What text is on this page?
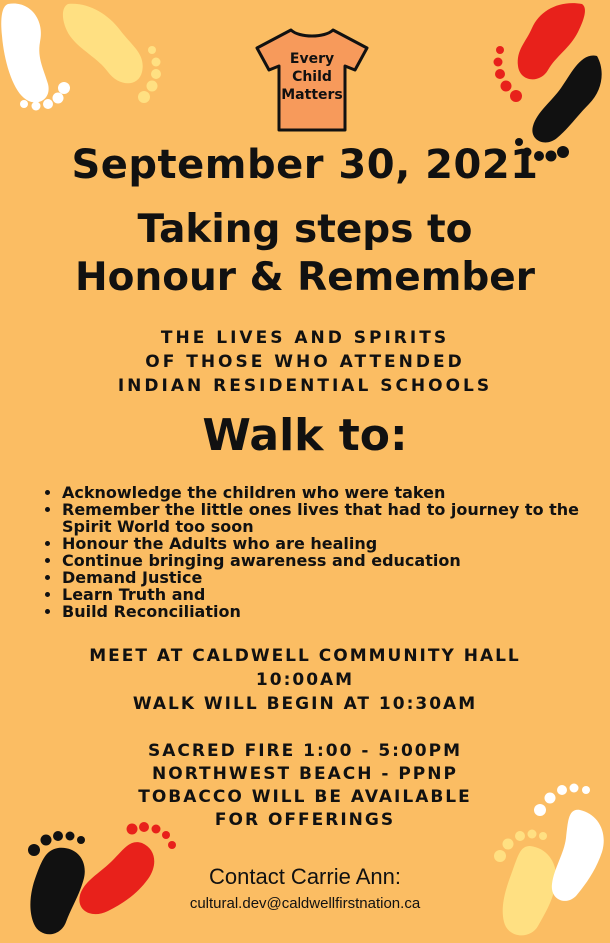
Every
Child
Matters
September 30, 2021
Taking steps to
Honour & Remember
THE LIVES AND SPIRITS
OF THOSE WHO ATTENDED
INDIAN RESIDENTIAL SCHOOLS
Walk to:
• Acknowledge the children who were taken
• Remember the little ones lives that had to journey to the Spirit World too soon
• Honour the Adults who are healing
• Continue bringing awareness and education
• Demand Justice
• Learn Truth and
• Build Reconciliation
MEET AT CALDWELL COMMUNITY HALL
10:00AM
WALK WILL BEGIN AT 10:30AM
SACRED FIRE 1:00 - 5:00PM
NORTHWEST BEACH - PPNP
TOBACCO WILL BE AVAILABLE
FOR OFFERINGS
Contact Carrie Ann:
cultural.dev@caldwellfirstnation.ca
